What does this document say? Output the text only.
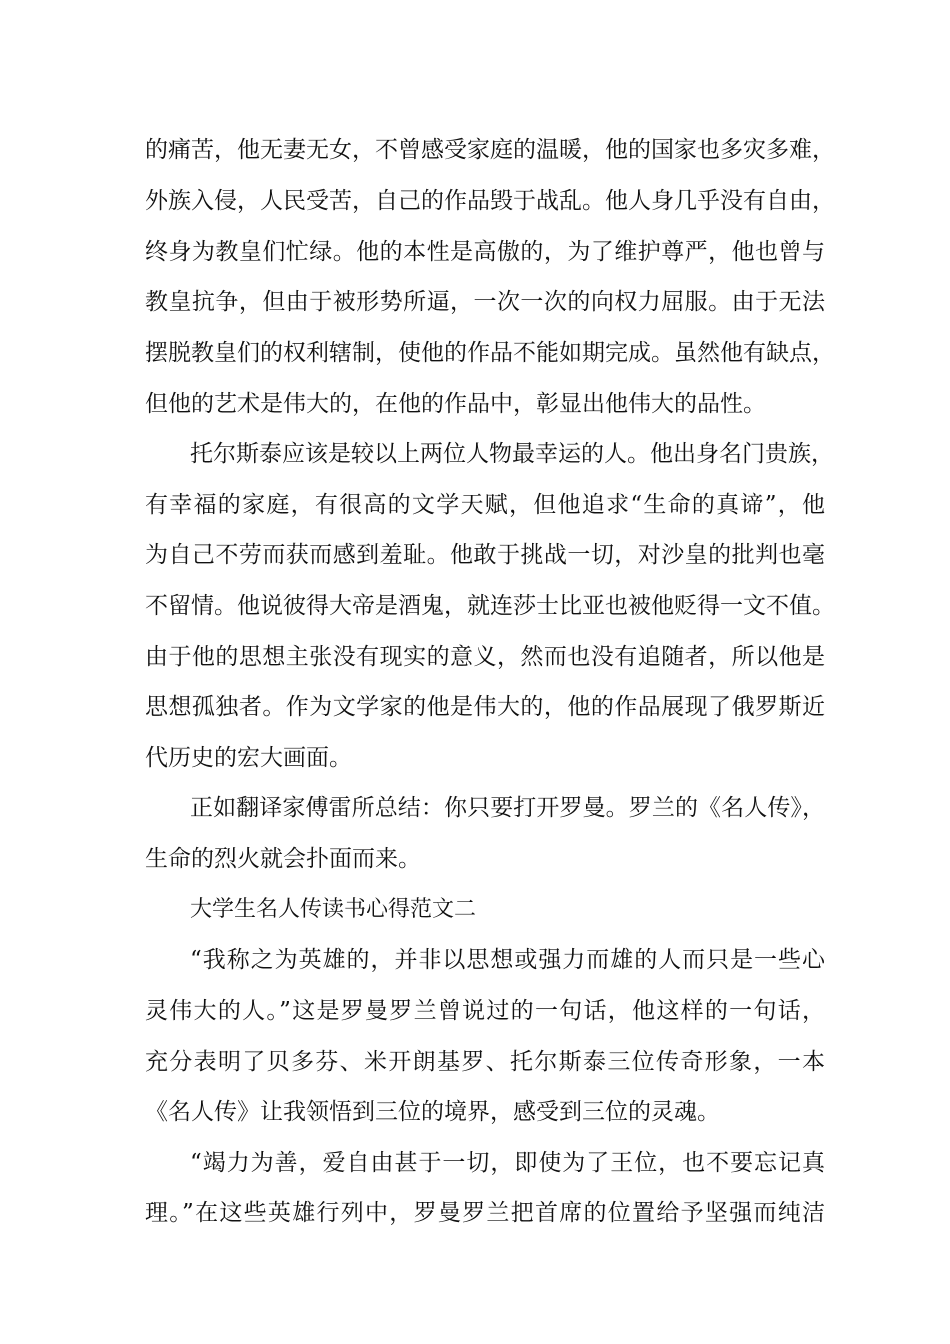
的痛苦，他无妻无女，不曾感受家庭的温暖，他的国家也多灾多难，
外族入侵，人民受苦，自己的作品毁于战乱。他人身几乎没有自由，
终身为教皇们忙绿。他的本性是高傲的，为了维护尊严，他也曾与
教皇抗争，但由于被形势所逼，一次一次的向权力屈服。由于无法
摆脱教皇们的权利辖制，使他的作品不能如期完成。虽然他有缺点，
但他的艺术是伟大的，在他的作品中，彰显出他伟大的品性。
托尔斯泰应该是较以上两位人物最幸运的人。他出身名门贵族，
有幸福的家庭，有很高的文学天赋，但他追求“生命的真谛”，他
为自己不劳而获而感到羞耻。他敢于挑战一切，对沙皇的批判也毫
不留情。他说彼得大帝是酒鬼，就连莎士比亚也被他贬得一文不值。
由于他的思想主张没有现实的意义，然而也没有追随者，所以他是
思想孤独者。作为文学家的他是伟大的，他的作品展现了俄罗斯近
代历史的宏大画面。
正如翻译家傅雷所总结：你只要打开罗曼。罗兰的《名人传》，
生命的烈火就会扑面而来。
大学生名人传读书心得范文二
“我称之为英雄的，并非以思想或强力而雄的人而只是一些心
灵伟大的人。”这是罗曼罗兰曾说过的一句话，他这样的一句话，
充分表明了贝多芬、米开朗基罗、托尔斯泰三位传奇形象，一本
《名人传》让我领悟到三位的境界，感受到三位的灵魂。
“竭力为善，爱自由甚于一切，即使为了王位，也不要忘记真
理。”在这些英雄行列中，罗曼罗兰把首席的位置给予坚强而纯洁
